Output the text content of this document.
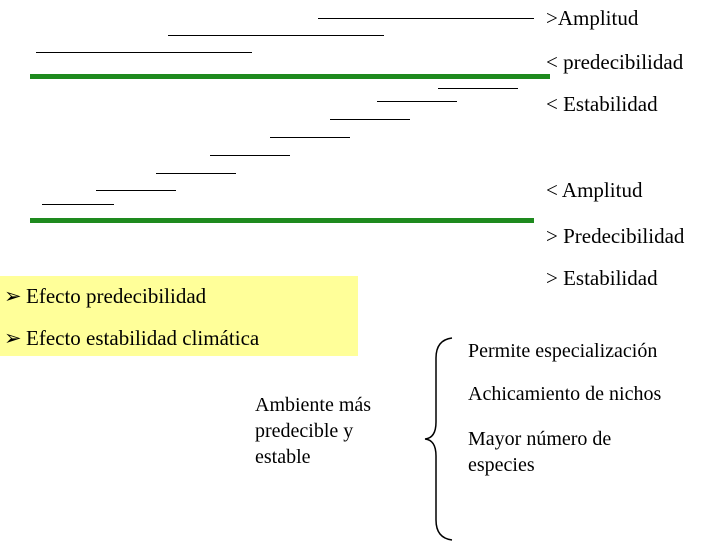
>Amplitud
< predecibilidad
< Estabilidad
< Amplitud
> Predecibilidad
> Estabilidad
➢ Efecto predecibilidad
➢ Efecto estabilidad climática
Ambiente más predecible y estable
Permite especialización
Achicamiento de nichos
Mayor número de especies
